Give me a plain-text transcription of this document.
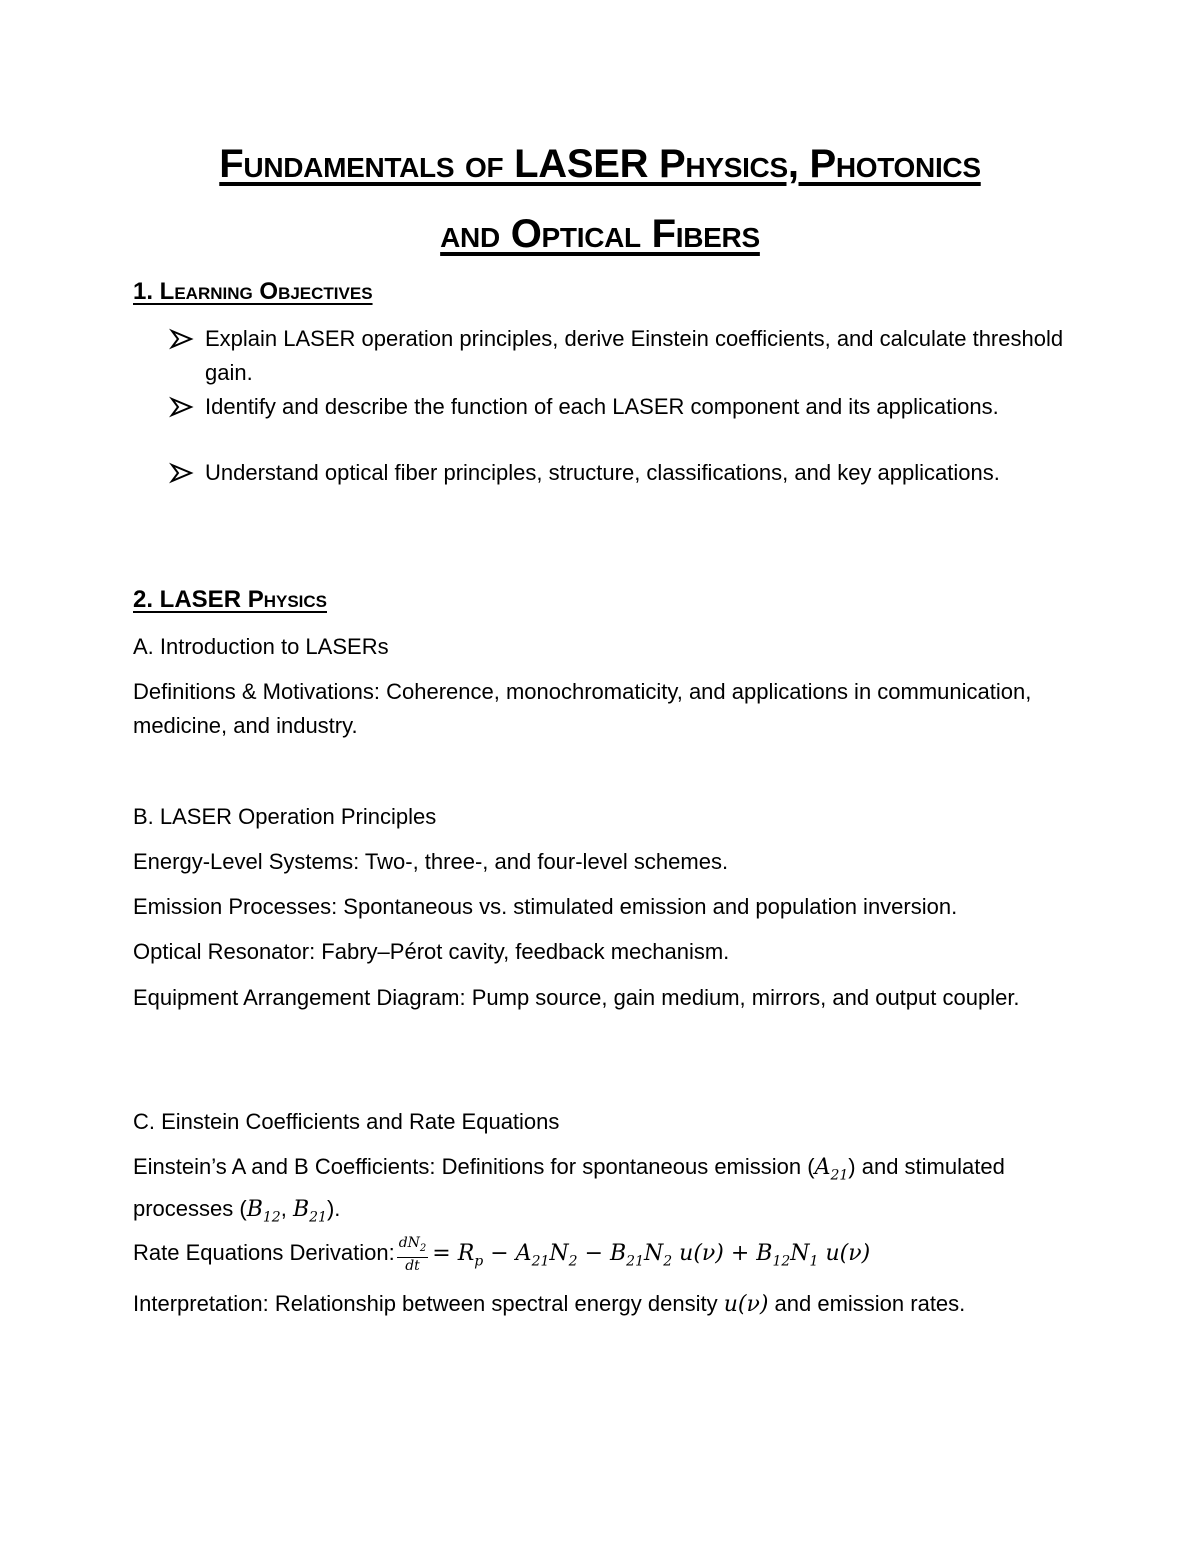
Fundamentals of LASER Physics, Photonics
and Optical Fibers
1. Learning Objectives
Explain LASER operation principles, derive Einstein coefficients, and calculate threshold gain.
Identify and describe the function of each LASER component and its applications.
Understand optical fiber principles, structure, classifications, and key applications.
2. LASER Physics
A. Introduction to LASERs
Definitions & Motivations: Coherence, monochromaticity, and applications in communication, medicine, and industry.
B. LASER Operation Principles
Energy-Level Systems: Two-, three-, and four-level schemes.
Emission Processes: Spontaneous vs. stimulated emission and population inversion.
Optical Resonator: Fabry–Pérot cavity, feedback mechanism.
Equipment Arrangement Diagram: Pump source, gain medium, mirrors, and output coupler.
C. Einstein Coefficients and Rate Equations
Einstein’s A and B Coefficients: Definitions for spontaneous emission $(A_{21})$ and stimulated processes ($B_{12}$, $B_{21}$).
Rate Equations Derivation: $\frac{dN_2}{dt} = R_p - A_{21}N_2 - B_{21}N_2$ $u(\nu) + B_{12}N_1$ u(ν)
Interpretation: Relationship between spectral energy density u(ν) and emission rates.
